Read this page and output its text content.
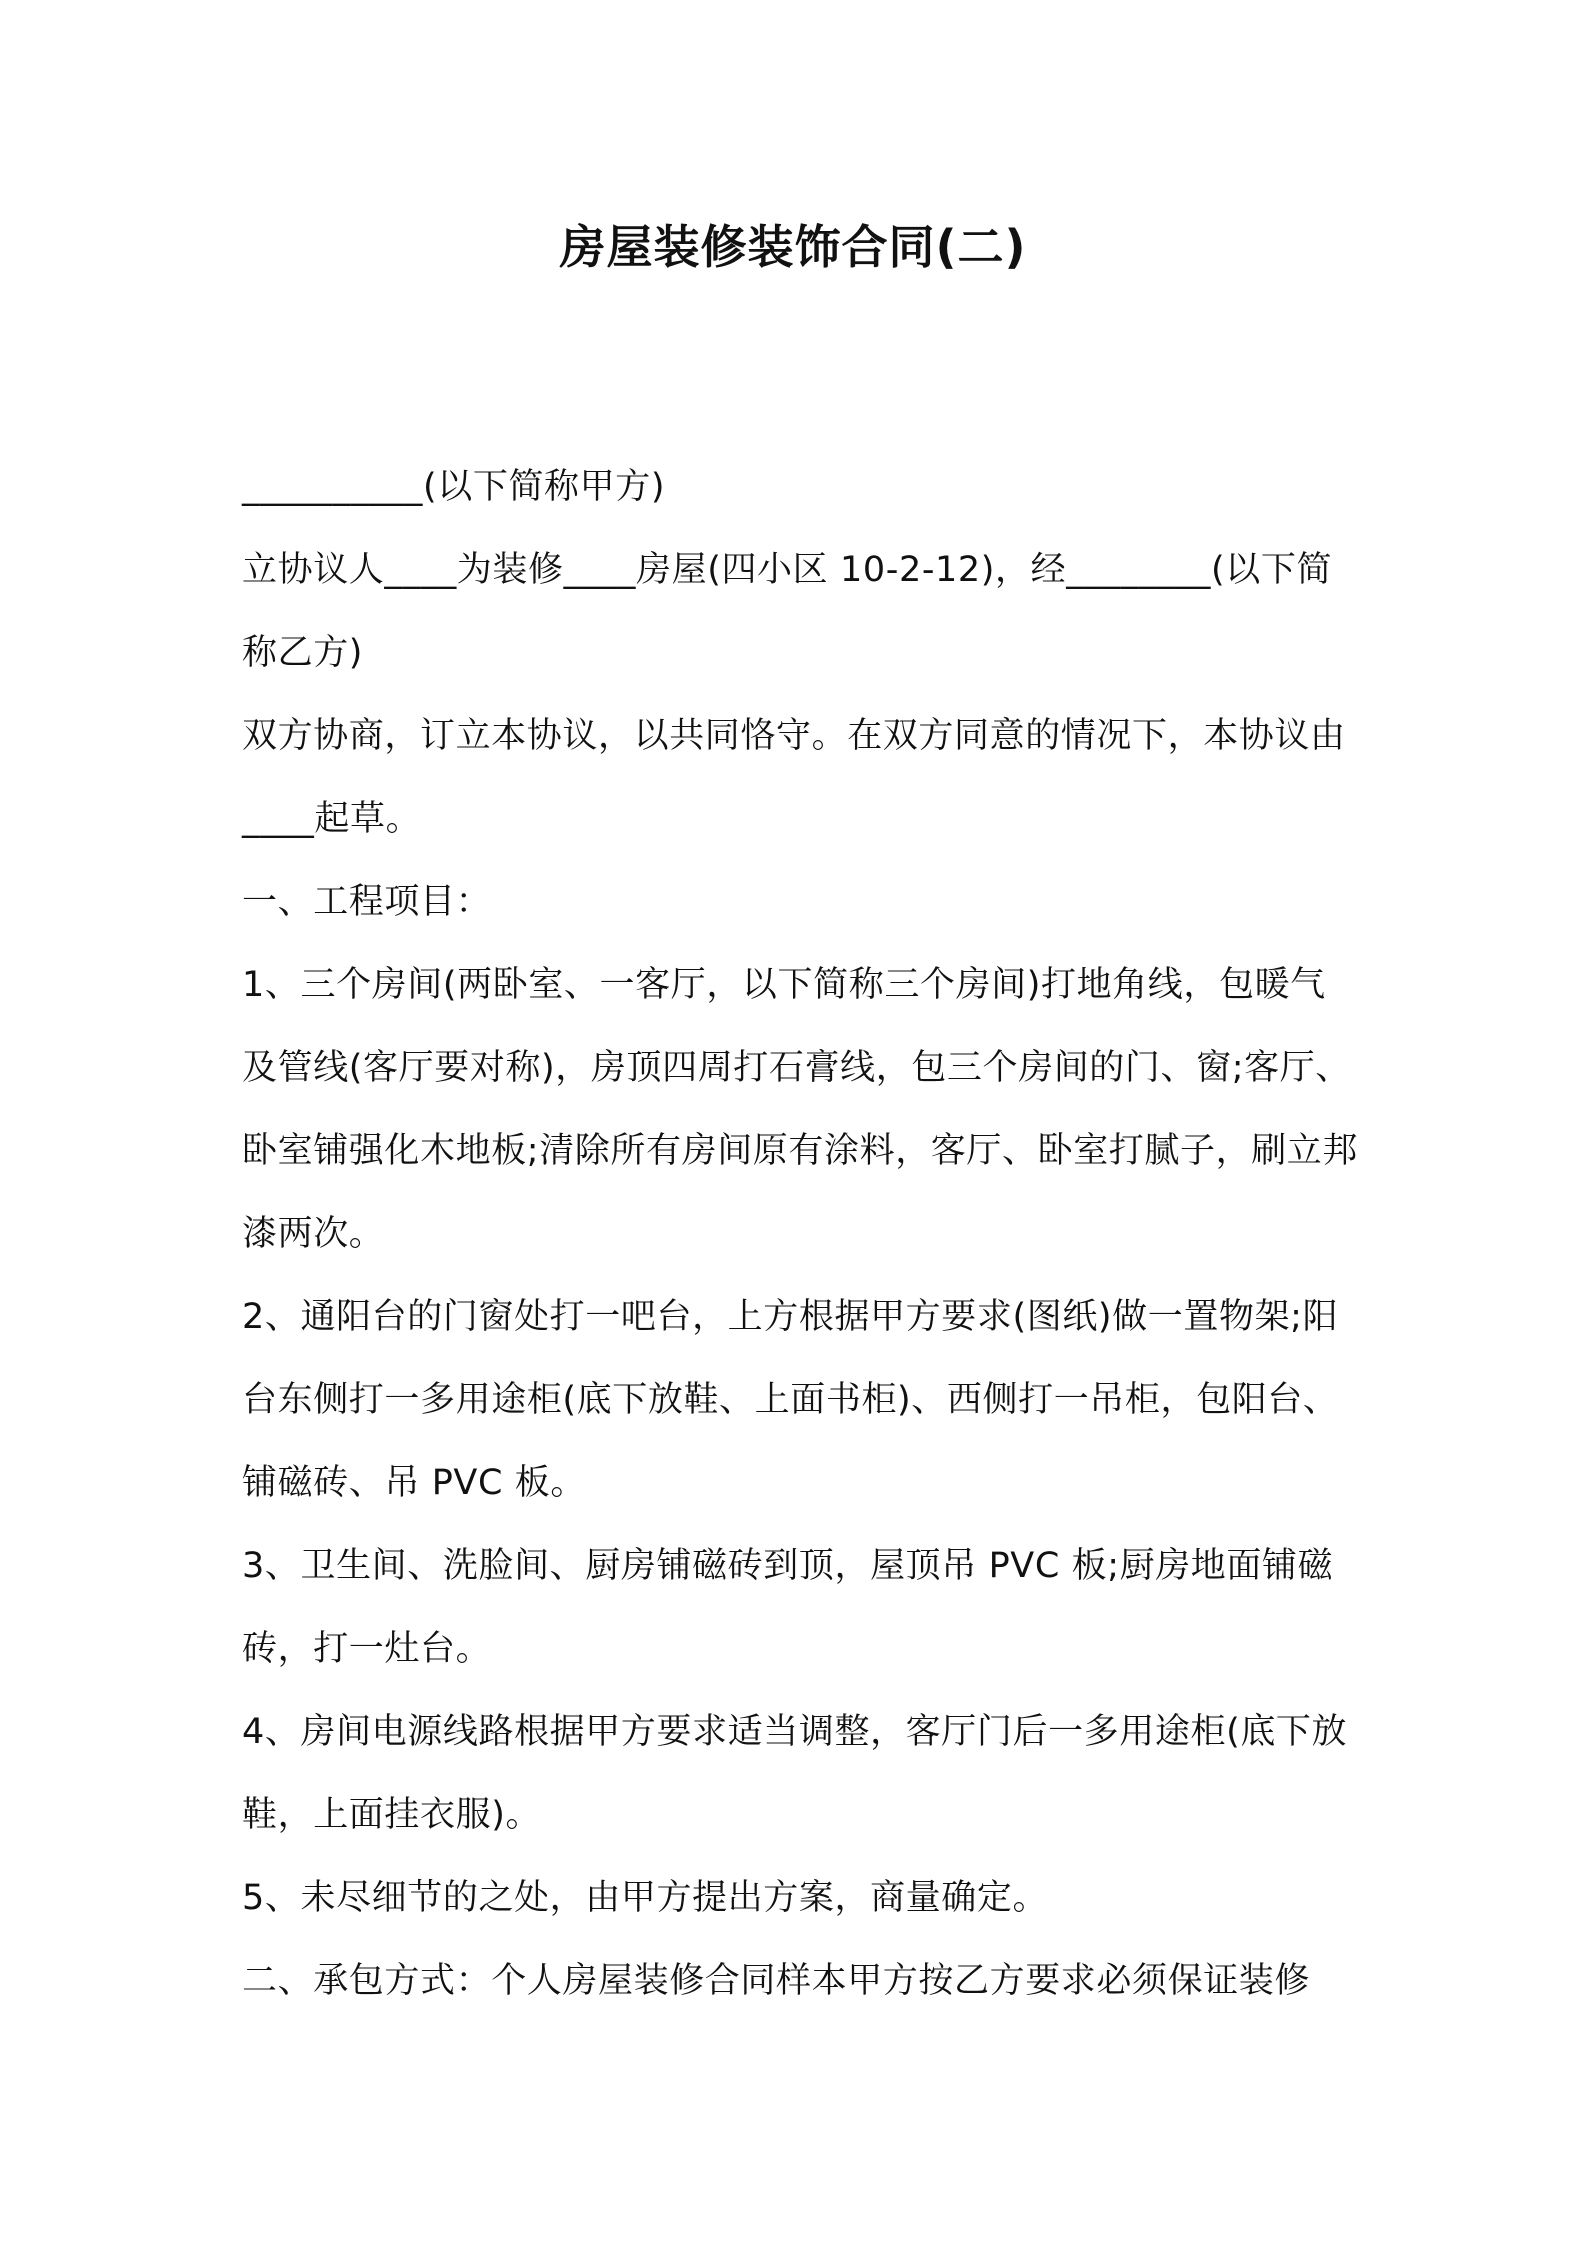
房屋装修装饰合同(二)

__________(以下简称甲方)

立协议人____为装修____房屋(四小区 10-2-12)，经________(以下简称乙方)

双方协商，订立本协议，以共同恪守。在双方同意的情况下，本协议由____起草。

一、工程项目：

1、三个房间(两卧室、一客厅，以下简称三个房间)打地角线，包暖气及管线(客厅要对称)，房顶四周打石膏线，包三个房间的门、窗;客厅、卧室铺强化木地板;清除所有房间原有涂料，客厅、卧室打腻子，刷立邦漆两次。

2、通阳台的门窗处打一吧台，上方根据甲方要求(图纸)做一置物架;阳台东侧打一多用途柜(底下放鞋、上面书柜)、西侧打一吊柜，包阳台、铺磁砖、吊 PVC 板。

3、卫生间、洗脸间、厨房铺磁砖到顶，屋顶吊 PVC 板;厨房地面铺磁砖，打一灶台。

4、房间电源线路根据甲方要求适当调整，客厅门后一多用途柜(底下放鞋，上面挂衣服)。

5、未尽细节的之处，由甲方提出方案，商量确定。

二、承包方式：个人房屋装修合同样本甲方按乙方要求必须保证装修
